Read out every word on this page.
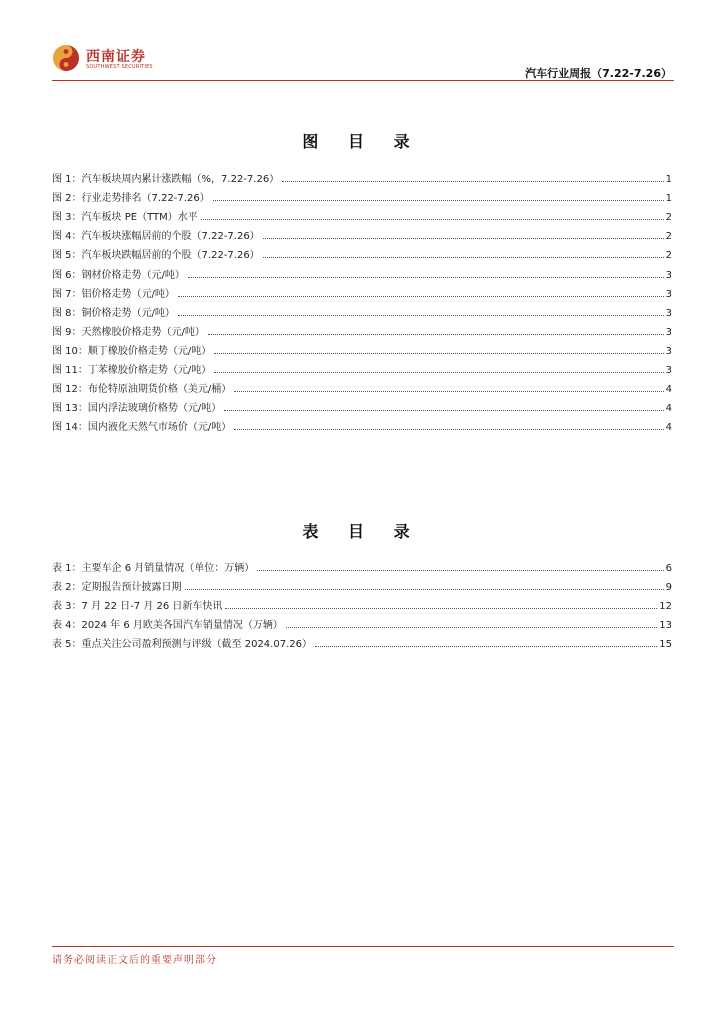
西南证券
SOUTHWEST SECURITIES	汽车行业周报（7.22-7.26）
图 目 录
图 1：汽车板块周内累计涨跌幅（%，7.22-7.26）	1
图 2：行业走势排名（7.22-7.26）	1
图 3：汽车板块 PE（TTM）水平	2
图 4：汽车板块涨幅居前的个股（7.22-7.26）	2
图 5：汽车板块跌幅居前的个股（7.22-7.26）	2
图 6：钢材价格走势（元/吨）	3
图 7：铝价格走势（元/吨）	3
图 8：铜价格走势（元/吨）	3
图 9：天然橡胶价格走势（元/吨）	3
图 10：顺丁橡胶价格走势（元/吨）	3
图 11：丁苯橡胶价格走势（元/吨）	3
图 12：布伦特原油期货价格（美元/桶）	4
图 13：国内浮法玻璃价格势（元/吨）	4
图 14：国内液化天然气市场价（元/吨）	4
表 目 录
表 1：主要车企 6 月销量情况（单位：万辆）	6
表 2：定期报告预计披露日期	9
表 3：7 月 22 日-7 月 26 日新车快讯	12
表 4：2024 年 6 月欧美各国汽车销量情况（万辆）	13
表 5：重点关注公司盈利预测与评级（截至 2024.07.26）	15
请务必阅读正文后的重要声明部分
